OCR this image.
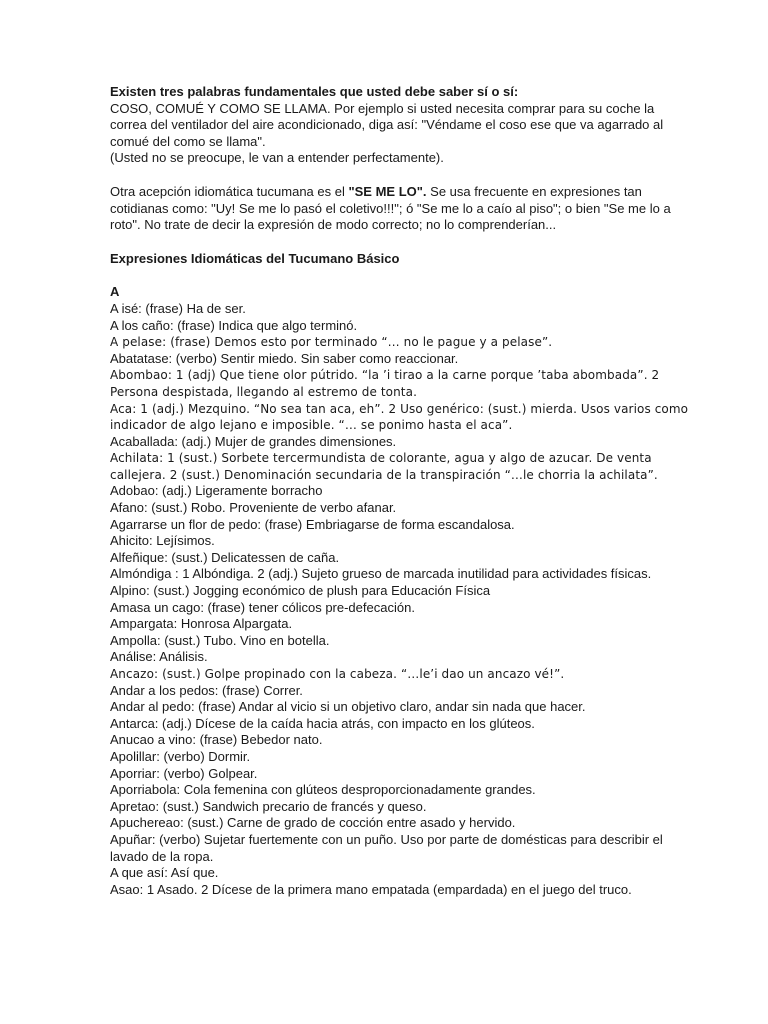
Existen tres palabras fundamentales que usted debe saber sí o sí:

COSO, COMUÉ Y COMO SE LLAMA. Por ejemplo si usted necesita comprar para su coche la correa del ventilador del aire acondicionado, diga así: "Véndame el coso ese que va agarrado al comué del como se llama".

(Usted no se preocupe, le van a entender perfectamente).

Otra acepción idiomática tucumana es el "SE ME LO". Se usa frecuente en expresiones tan cotidianas como: "Uy! Se me lo pasó el coletivo!!!"; ó "Se me lo a caío al piso"; o bien "Se me lo a roto". No trate de decir la expresión de modo correcto; no lo comprenderían...

Expresiones Idiomáticas del Tucumano Básico

A

A isé: (frase) Ha de ser.

A los caño: (frase) Indica que algo terminó.

A pelase: (frase) Demos esto por terminado “… no le pague y a pelase”.

Abatatase: (verbo) Sentir miedo. Sin saber como reaccionar.

Abombao: 1 (adj) Que tiene olor pútrido. “la ’i tirao a la carne porque ’taba abombada”. 2 Persona despistada, llegando al estremo de tonta.

Aca: 1 (adj.) Mezquino. “No sea tan aca, eh”. 2 Uso genérico: (sust.) mierda. Usos varios como indicador de algo lejano e imposible. “… se ponimo hasta el aca”.

Acaballada: (adj.) Mujer de grandes dimensiones.

Achilata: 1 (sust.) Sorbete tercermundista de colorante, agua y algo de azucar. De venta callejera. 2 (sust.) Denominación secundaria de la transpiración “…le chorria la achilata”.

Adobao: (adj.) Ligeramente borracho

Afano: (sust.) Robo. Proveniente de verbo afanar.

Agarrarse un flor de pedo: (frase) Embriagarse de forma escandalosa.

Ahicito: Lejísimos.

Alfeñique: (sust.) Delicatessen de caña.

Almóndiga : 1 Albóndiga. 2 (adj.) Sujeto grueso de marcada inutilidad para actividades físicas.

Alpino: (sust.) Jogging económico de plush para Educación Física

Amasa un cago: (frase) tener cólicos pre-defecación.

Ampargata: Honrosa Alpargata.

Ampolla: (sust.) Tubo. Vino en botella.

Análise: Análisis.

Ancazo: (sust.) Golpe propinado con la cabeza. “…le’i dao un ancazo vé!”.

Andar a los pedos: (frase) Correr.

Andar al pedo: (frase) Andar al vicio si un objetivo claro, andar sin nada que hacer.

Antarca: (adj.) Dícese de la caída hacia atrás, con impacto en los glúteos.

Anucao a vino: (frase) Bebedor nato.

Apolillar: (verbo) Dormir.

Aporriar: (verbo) Golpear.

Aporriabola: Cola femenina con glúteos desproporcionadamente grandes.

Apretao: (sust.) Sandwich precario de francés y queso.

Apuchereao: (sust.) Carne de grado de cocción entre asado y hervido.

Apuñar: (verbo) Sujetar fuertemente con un puño. Uso por parte de domésticas para describir el lavado de la ropa.

A que así: Así que.

Asao: 1 Asado. 2 Dícese de la primera mano empatada (empardada) en el juego del truco.
